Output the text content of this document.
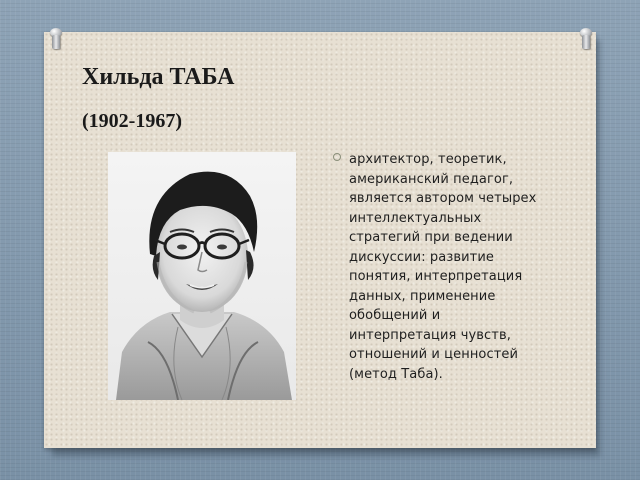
Хильда ТАБА
(1902-1967)
архитектор, теоретик, американский педагог, является автором четырех интеллектуальных стратегий при ведении дискуссии: развитие понятия, интерпретация данных, применение обобщений и интерпретация чувств, отношений и ценностей (метод Таба).
